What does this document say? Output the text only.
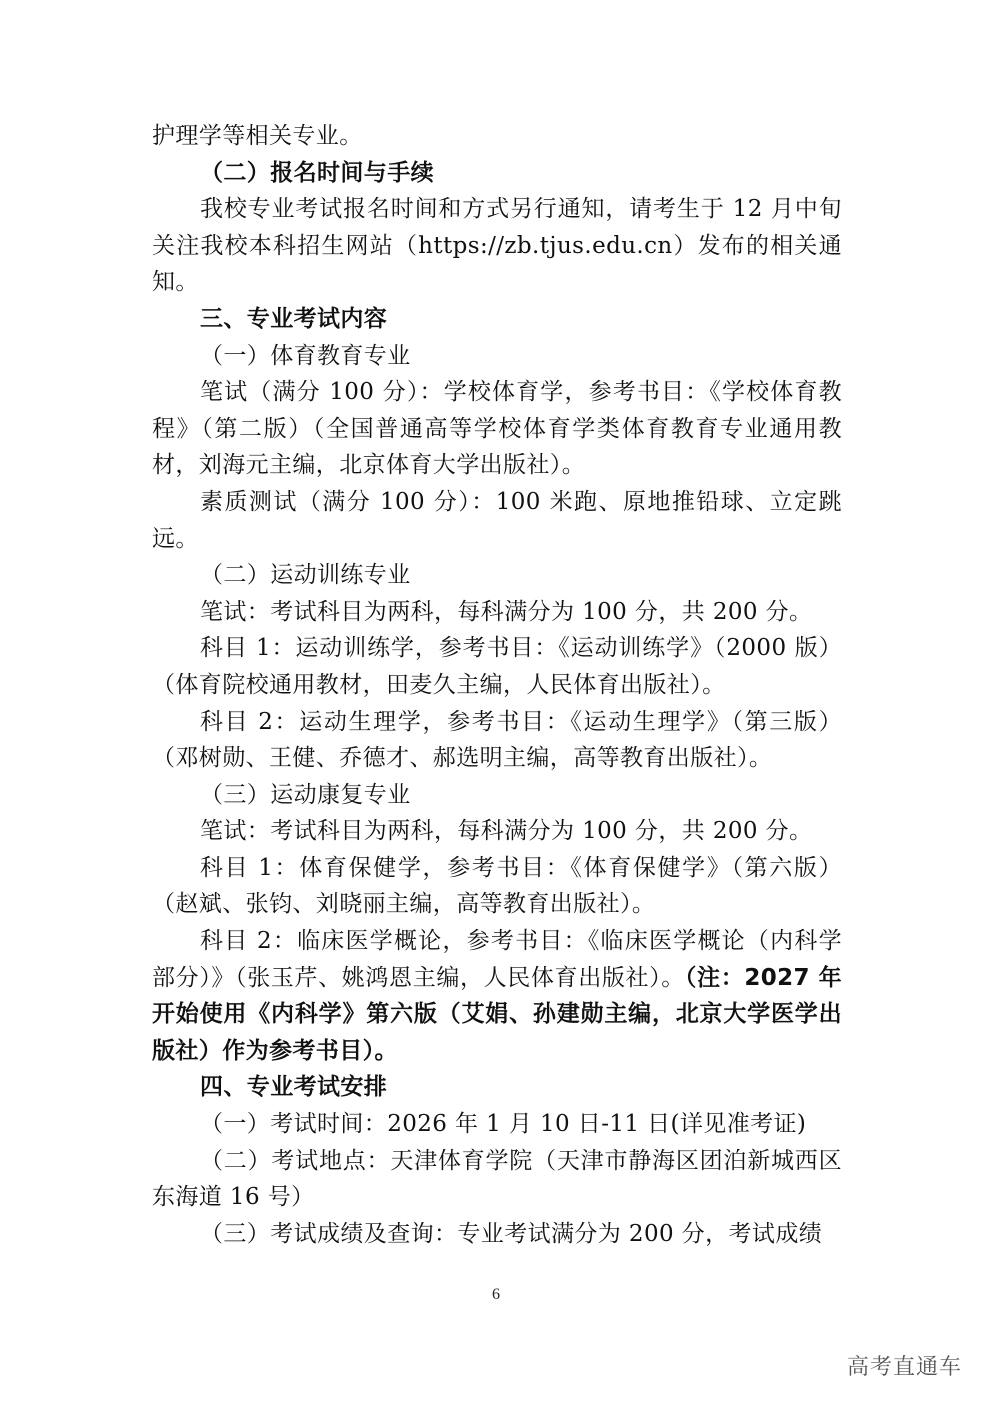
护理学等相关专业。

（二）报名时间与手续

我校专业考试报名时间和方式另行通知，请考生于 12 月中旬关注我校本科招生网站（https://zb.tjus.edu.cn）发布的相关通知。

三、专业考试内容

（一）体育教育专业

笔试（满分 100 分）：学校体育学，参考书目：《学校体育教程》（第二版）（全国普通高等学校体育学类体育教育专业通用教材，刘海元主编，北京体育大学出版社）。

素质测试（满分 100 分）：100 米跑、原地推铅球、立定跳远。

（二）运动训练专业

笔试：考试科目为两科，每科满分为 100 分，共 200 分。

科目 1：运动训练学，参考书目：《运动训练学》（2000 版）（体育院校通用教材，田麦久主编，人民体育出版社）。

科目 2：运动生理学，参考书目：《运动生理学》（第三版）（邓树勋、王健、乔德才、郝选明主编，高等教育出版社）。

（三）运动康复专业

笔试：考试科目为两科，每科满分为 100 分，共 200 分。

科目 1：体育保健学，参考书目：《体育保健学》（第六版）（赵斌、张钧、刘晓丽主编，高等教育出版社）。

科目 2：临床医学概论，参考书目：《临床医学概论（内科学部分）》（张玉芹、姚鸿恩主编，人民体育出版社）。（注：2027 年开始使用《内科学》第六版（艾娟、孙建勋主编，北京大学医学出版社）作为参考书目）。

四、专业考试安排

（一）考试时间：2026 年 1 月 10 日-11 日(详见准考证)

（二）考试地点：天津体育学院（天津市静海区团泊新城西区东海道 16 号）

（三）考试成绩及查询：专业考试满分为 200 分，考试成绩

6
高考直通车
